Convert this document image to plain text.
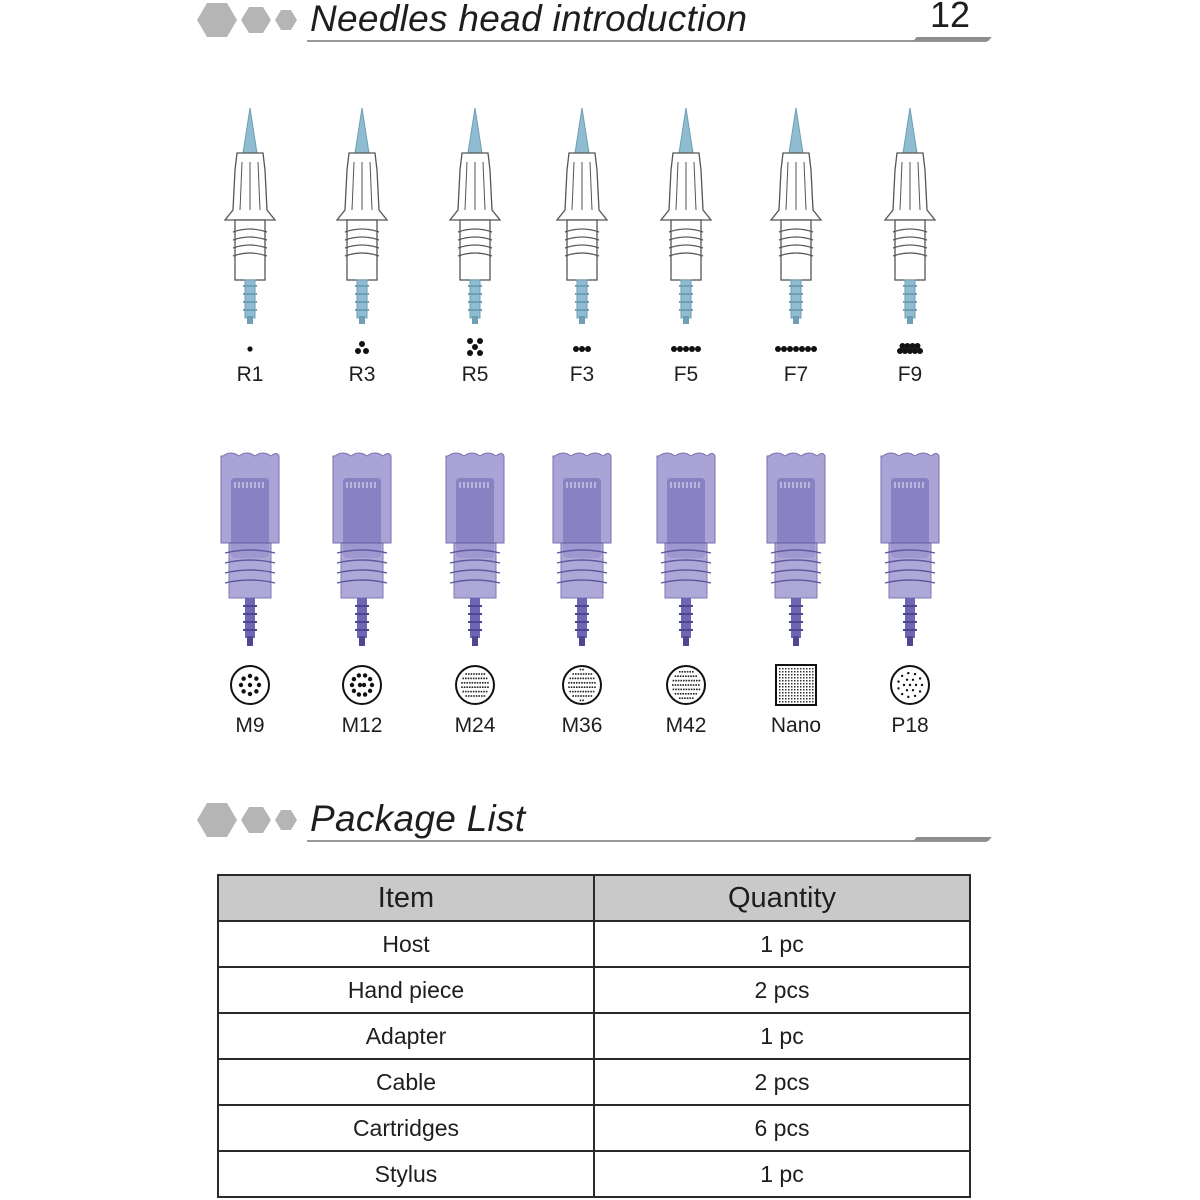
Needles head introduction	12
R1	R3	R5	F3	F5	F7	F9
M9	M12	M24	M36	M42	Nano	P18
Package List
Item	Quantity
Host	1 pc
Hand piece	2 pcs
Adapter	1 pc
Cable	2 pcs
Cartridges	6 pcs
Stylus	1 pc
